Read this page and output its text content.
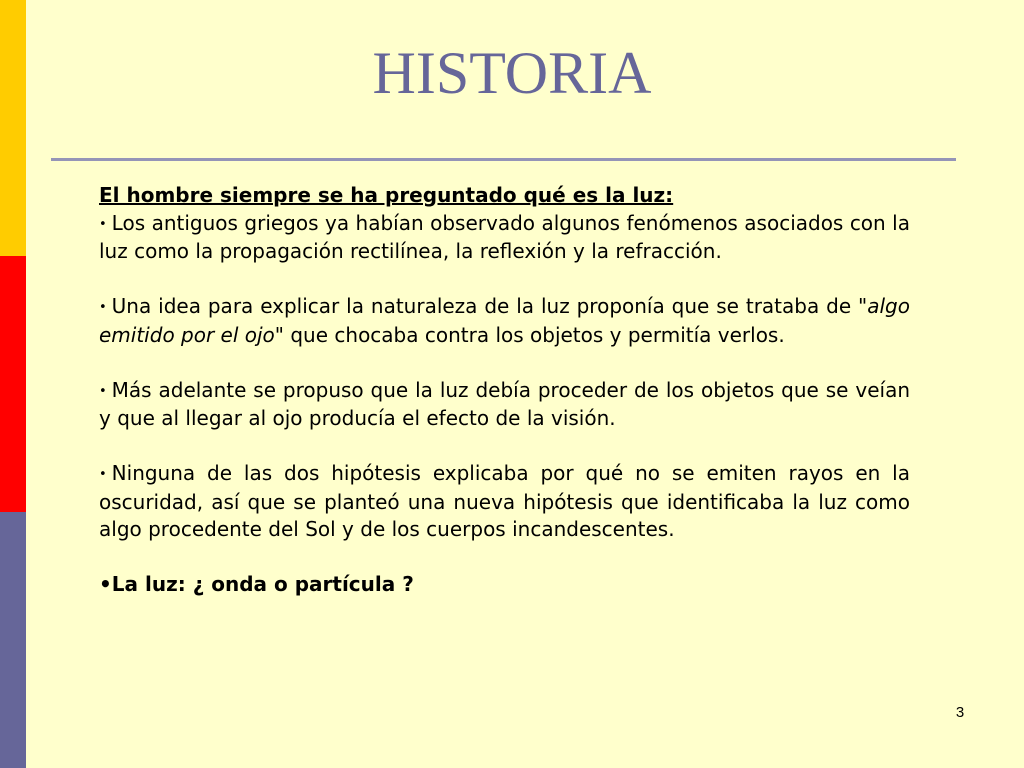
HISTORIA

El hombre siempre se ha preguntado qué es la luz:

• Los antiguos griegos ya habían observado algunos fenómenos asociados con la luz como la propagación rectilínea, la reflexión y la refracción.

• Una idea para explicar la naturaleza de la luz proponía que se trataba de "algo emitido por el ojo" que chocaba contra los objetos y permitía verlos.

• Más adelante se propuso que la luz debía proceder de los objetos que se veían y que al llegar al ojo producía el efecto de la visión.

• Ninguna de las dos hipótesis explicaba por qué no se emiten rayos en la oscuridad, así que se planteó una nueva hipótesis que identificaba la luz como algo procedente del Sol y de los cuerpos incandescentes.

•La luz: ¿ onda o partícula ?

3
